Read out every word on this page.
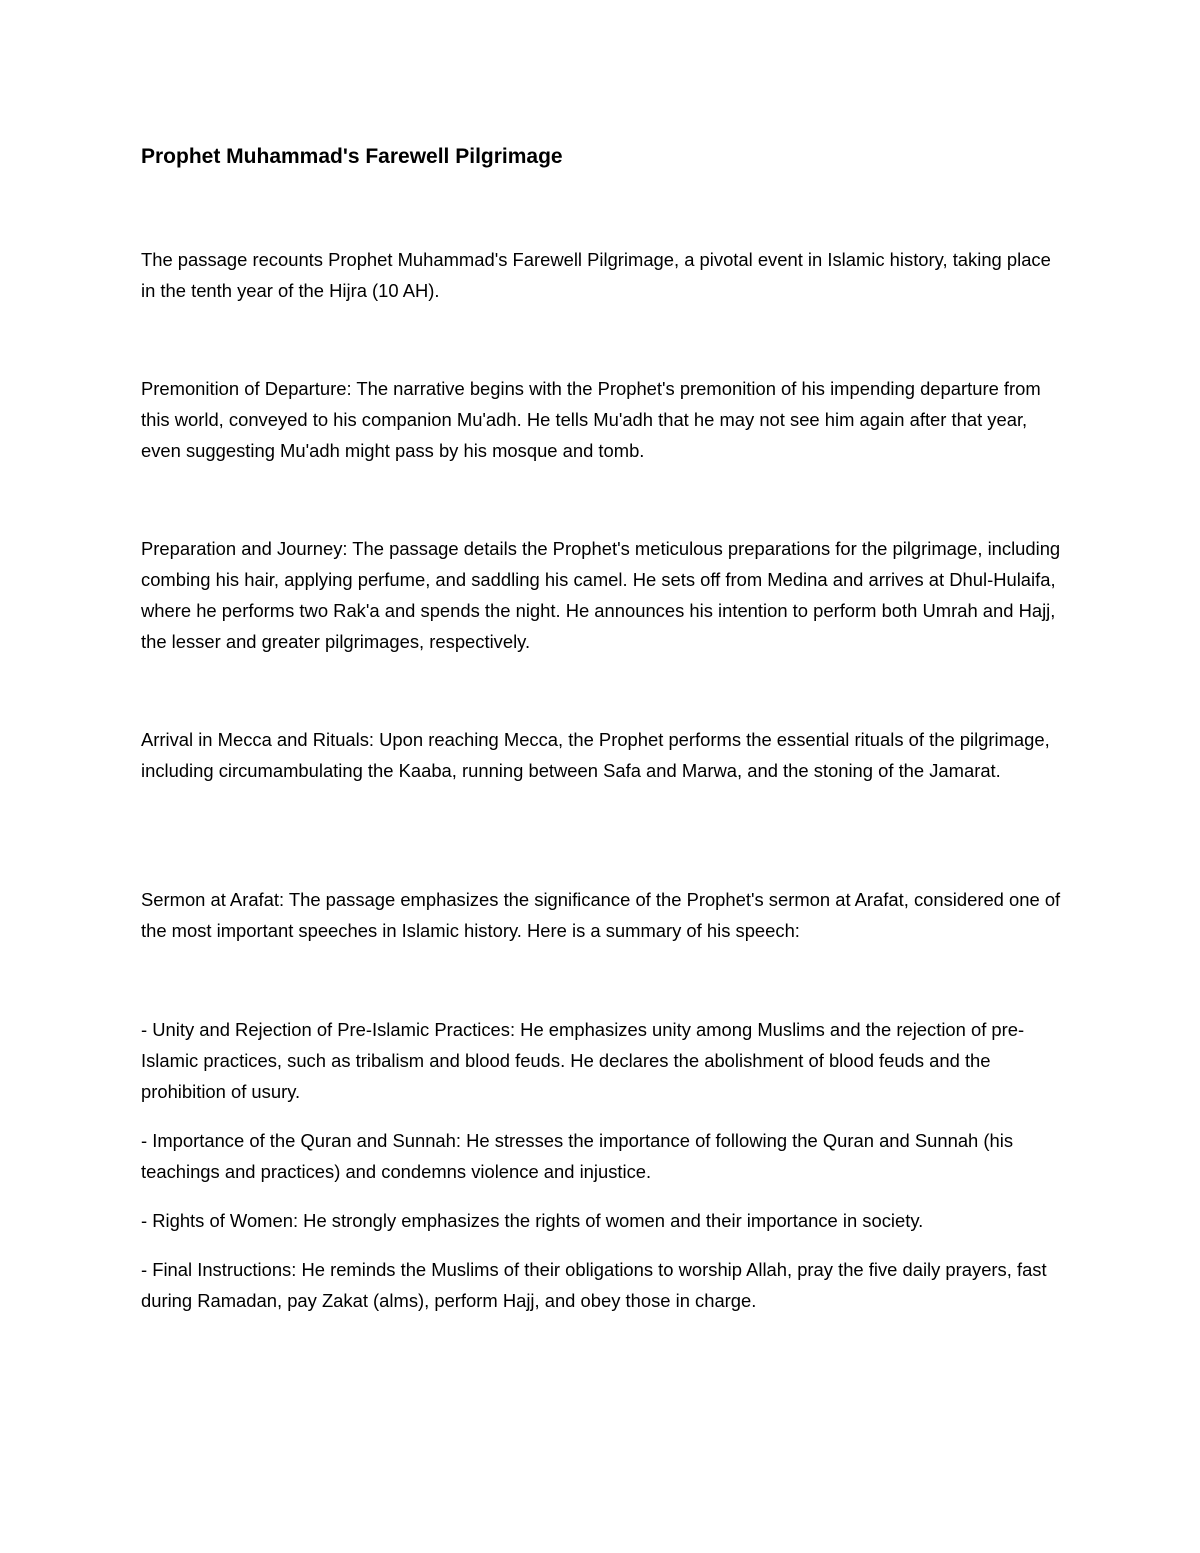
Prophet Muhammad's Farewell Pilgrimage

The passage recounts Prophet Muhammad's Farewell Pilgrimage, a pivotal event in Islamic history, taking place in the tenth year of the Hijra (10 AH).

Premonition of Departure: The narrative begins with the Prophet's premonition of his impending departure from this world, conveyed to his companion Mu'adh. He tells Mu'adh that he may not see him again after that year, even suggesting Mu'adh might pass by his mosque and tomb.

Preparation and Journey: The passage details the Prophet's meticulous preparations for the pilgrimage, including combing his hair, applying perfume, and saddling his camel. He sets off from Medina and arrives at Dhul-Hulaifa, where he performs two Rak'a and spends the night. He announces his intention to perform both Umrah and Hajj, the lesser and greater pilgrimages, respectively.

Arrival in Mecca and Rituals: Upon reaching Mecca, the Prophet performs the essential rituals of the pilgrimage, including circumambulating the Kaaba, running between Safa and Marwa, and the stoning of the Jamarat.

Sermon at Arafat: The passage emphasizes the significance of the Prophet's sermon at Arafat, considered one of the most important speeches in Islamic history. Here is a summary of his speech:

- Unity and Rejection of Pre-Islamic Practices: He emphasizes unity among Muslims and the rejection of pre-Islamic practices, such as tribalism and blood feuds. He declares the abolishment of blood feuds and the prohibition of usury.

- Importance of the Quran and Sunnah: He stresses the importance of following the Quran and Sunnah (his teachings and practices) and condemns violence and injustice.

- Rights of Women: He strongly emphasizes the rights of women and their importance in society.

- Final Instructions: He reminds the Muslims of their obligations to worship Allah, pray the five daily prayers, fast during Ramadan, pay Zakat (alms), perform Hajj, and obey those in charge.
